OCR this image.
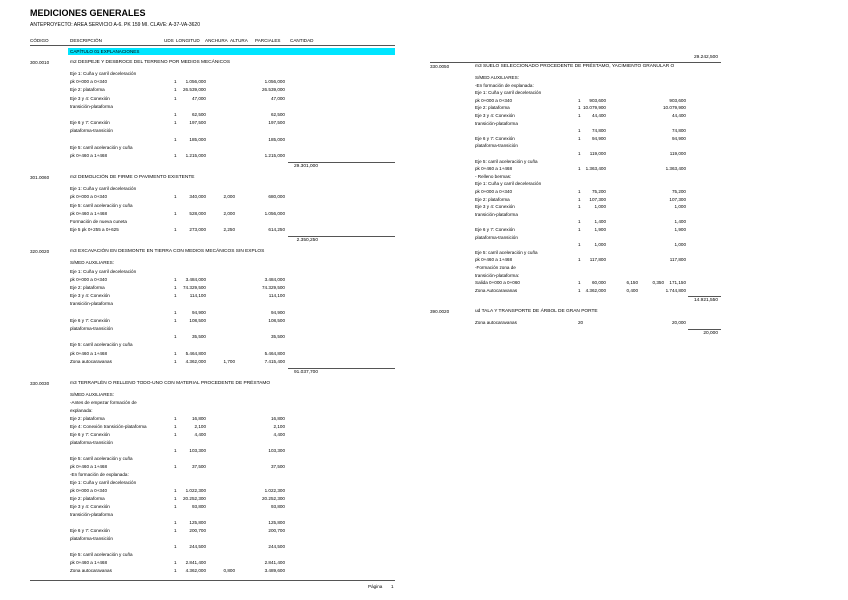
MEDICIONES GENERALES
ANTEPROYECTO: AREA SERVICIO A-6. PK 159 MI. CLAVE: A-37-VA-3620
CÓDIGO	DESCRIPCIÓN	UDS LONGITUD ANCHURA ALTURA PARCIALES CANTIDAD
CAPÍTULO 01 EXPLANACIONES
300.0010	m2 DESPEJE Y DESBROCE DEL TERRENO POR MEDIOS MECÁNICOS
Eje 1: Cuña y carril deceleración
pk 0+000 a 0+340	1	1.056,000	1.056,000
Eje 2: plataforma	1	26.539,000	26.539,000
Eje 3 y 4: Conexión	1	47,000	47,000
transición-plataforma
1	62,500	62,500
Eje 6 y 7: Conexión	1	197,500	197,500
plataforma-transición
1	185,000	185,000
Eje 5: carril aceleración y cuña
pk 0+460 a 1+468	1	1.215,000	1.215,000
29.301,000
301.0060	m2 DEMOLICIÓN DE FIRME O PAVIMENTO EXISTENTE
Eje 1: Cuña y carril deceleración
pk 0+000 a 0+340	1	340,000	2,000	680,000
Eje 5: carril aceleración y cuña
pk 0+460 a 1+468	1	528,000	2,000	1.056,000
Formación de nueva cuneta
Eje 5 pk 0+255 a 0+625	1	273,000	2,250	614,250
2.350,250
320.0020	m3 EXCAVACIÓN EN DESMONTE EN TIERRA CON MEDIOS MECÁNICOS SIN EXPLOS
S/MED AUXILIARES:
Eje 1: Cuña y carril deceleración
pk 0+000 a 0+340	1	3.484,000	3.484,000
Eje 2: plataforma	1	74.329,500	74.329,500
Eje 3 y 4: Conexión	1	114,100	114,100
transición-plataforma
1	94,900	94,900
Eje 6 y 7: Conexión	1	108,500	108,500
plataforma-transición
1	35,500	35,500
Eje 5: carril aceleración y cuña
pk 0+460 a 1+468	1	5.464,800	5.464,800
Zona autocaravanas	1	4.362,000	1,700	7.415,400
91.037,700
330.0030	m3 TERRAPLÉN O RELLENO TODO-UNO CON MATERIAL PROCEDENTE DE PRÉSTAMO
S/MED AUXILIARES:
-Antes de empezar formación de
explanada:
Eje 2: plataforma	1	16,800	16,800
Eje 4: Conexión transición-plataforma	1	2,100	2,100
Eje 6 y 7: Conexión	1	4,400	4,400
plataforma-transición
1	103,300	103,300
Eje 5: carril aceleración y cuña
pk 0+460 a 1+468	1	37,500	37,500
-En formación de explanada:
Eje 1: Cuña y carril deceleración
pk 0+000 a 0+340	1	1.022,300	1.022,300
Eje 2: plataforma	1	20.252,300	20.252,300
Eje 3 y 4: Conexión	1	93,800	93,800
transición-plataforma
1	125,800	125,800
Eje 6 y 7: Conexión	1	200,700	200,700
plataforma-transición
1	244,500	244,500
Eje 5: carril aceleración y cuña
pk 0+460 a 1+468	1	2.841,400	2.841,400
Zona autocaravanas	1	4.362,000	0,800	3.489,600
29.242,500
330.0050	m3 SUELO SELECCIONADO PROCEDENTE DE PRÉSTAMO, YACIMIENTO GRANULAR O
S/MED AUXILIARES:
-En formación de explanada:
Eje 1: Cuña y carril deceleración
pk 0+000 a 0+340	1	903,600	903,600
Eje 2: plataforma	1 10.079,900	10.079,900
Eje 3 y 4: Conexión	1	44,400	44,400
transición-plataforma
1	74,800	74,800
Eje 6 y 7: Conexión	1	94,900	94,900
plataforma-transición
1	119,000	119,000
Eje 5: carril aceleración y cuña
pk 0+460 a 1+468	1	1.363,400	1.363,400
- Relleno bermas:
Eje 1: Cuña y carril deceleración
pk 0+000 a 0+340	1	75,200	75,200
Eje 2: plataforma	1	107,300	107,300
Eje 3 y 4: Conexión	1	1,000	1,000
transición-plataforma
1	1,400	1,400
Eje 6 y 7: Conexión	1	1,900	1,900
plataforma-transición
1	1,000	1,000
Eje 5: carril aceleración y cuña
pk 0+460 a 1+468	1	117,800	117,800
-Formación zona de
transición-plataforma:
Salida 0+000 a 0+060	1	60,000	6,150	0,350	171,150
Zona Autocaravanas	1	4.362,000	0,400	1.744,800
14.921,550
390.0020	ud TALA Y TRANSPORTE DE ÁRBOL DE GRAN PORTE
Zona autocaravanas	20	20,000
20,000
Página 1
